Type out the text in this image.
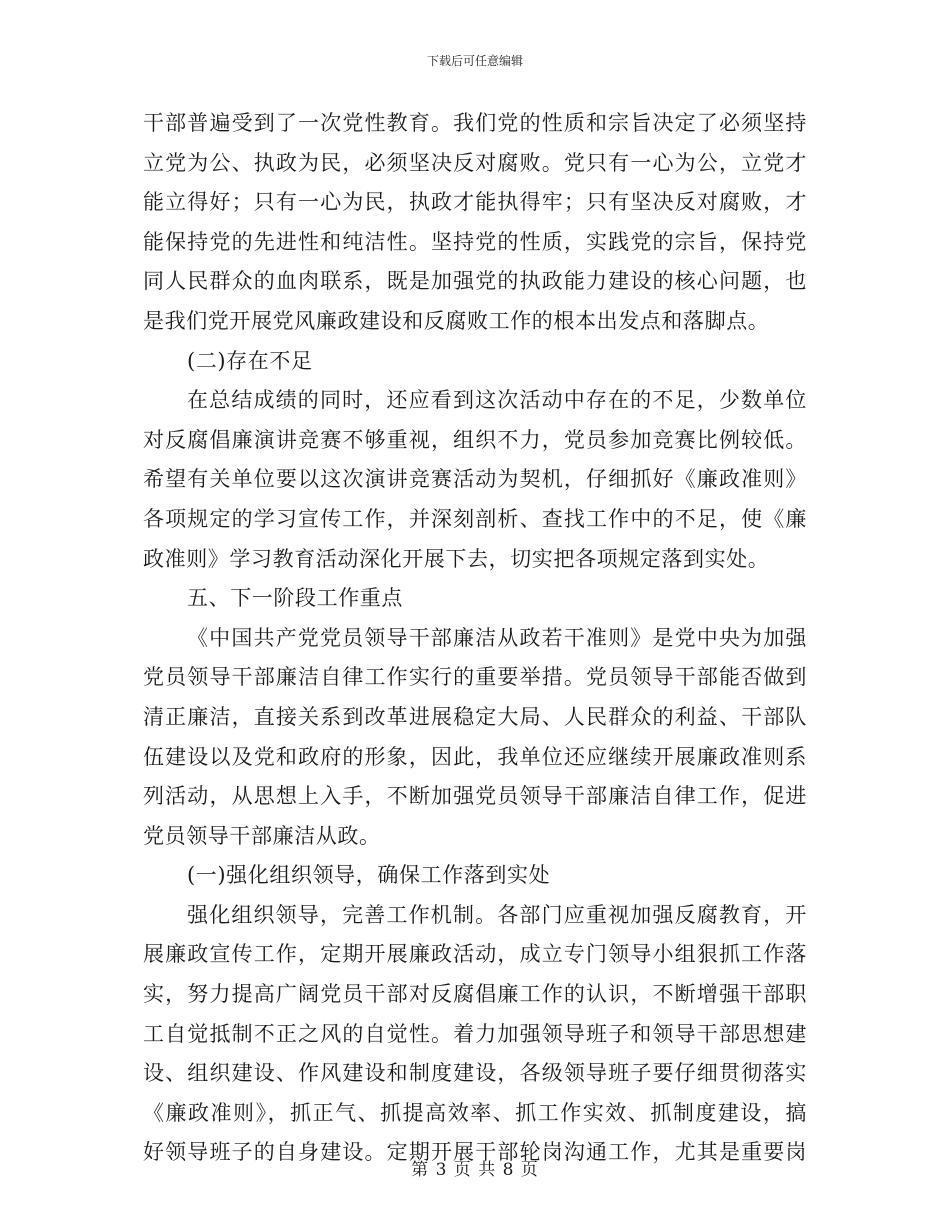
下载后可任意编辑
干部普遍受到了一次党性教育。我们党的性质和宗旨决定了必须坚持
立党为公、执政为民，必须坚决反对腐败。党只有一心为公，立党才
能立得好；只有一心为民，执政才能执得牢；只有坚决反对腐败，才
能保持党的先进性和纯洁性。坚持党的性质，实践党的宗旨，保持党
同人民群众的血肉联系，既是加强党的执政能力建设的核心问题，也
是我们党开展党风廉政建设和反腐败工作的根本出发点和落脚点。
(二)存在不足
在总结成绩的同时，还应看到这次活动中存在的不足，少数单位
对反腐倡廉演讲竞赛不够重视，组织不力，党员参加竞赛比例较低。
希望有关单位要以这次演讲竞赛活动为契机，仔细抓好《廉政准则》
各项规定的学习宣传工作，并深刻剖析、查找工作中的不足，使《廉
政准则》学习教育活动深化开展下去，切实把各项规定落到实处。
五、下一阶段工作重点
《中国共产党党员领导干部廉洁从政若干准则》是党中央为加强
党员领导干部廉洁自律工作实行的重要举措。党员领导干部能否做到
清正廉洁，直接关系到改革进展稳定大局、人民群众的利益、干部队
伍建设以及党和政府的形象，因此，我单位还应继续开展廉政准则系
列活动，从思想上入手，不断加强党员领导干部廉洁自律工作，促进
党员领导干部廉洁从政。
(一)强化组织领导，确保工作落到实处
强化组织领导，完善工作机制。各部门应重视加强反腐教育，开
展廉政宣传工作，定期开展廉政活动，成立专门领导小组狠抓工作落
实，努力提高广阔党员干部对反腐倡廉工作的认识，不断增强干部职
工自觉抵制不正之风的自觉性。着力加强领导班子和领导干部思想建
设、组织建设、作风建设和制度建设，各级领导班子要仔细贯彻落实
《廉政准则》，抓正气、抓提高效率、抓工作实效、抓制度建设，搞
好领导班子的自身建设。定期开展干部轮岗沟通工作，尤其是重要岗
第 3 页 共 8 页
